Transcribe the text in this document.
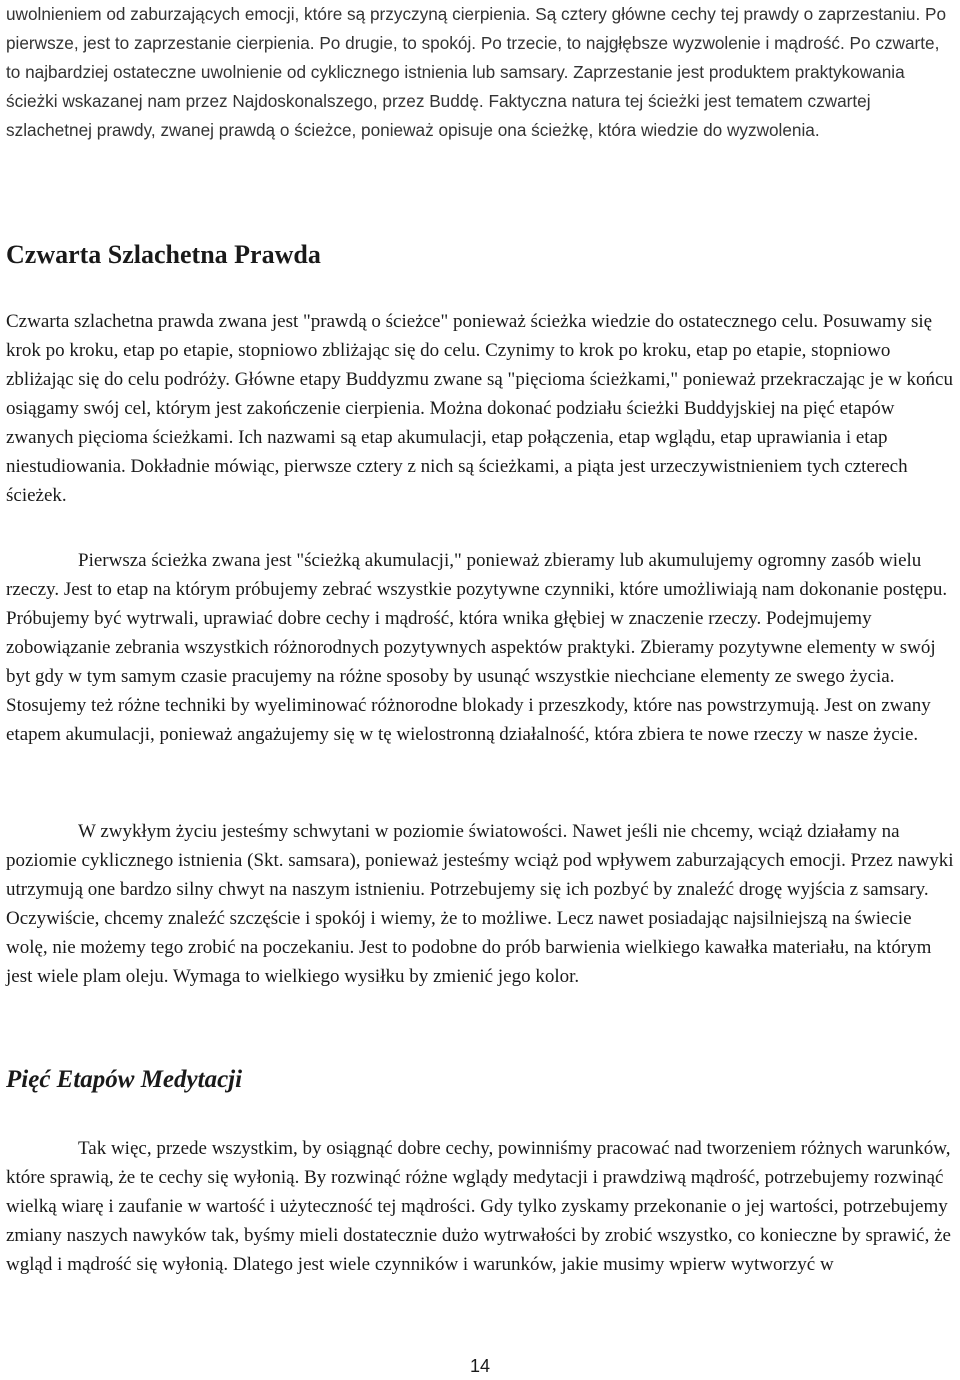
uwolnieniem od zaburzających emocji, które są przyczyną cierpienia. Są cztery główne cechy tej prawdy o zaprzestaniu. Po pierwsze, jest to zaprzestanie cierpienia. Po drugie, to spokój. Po trzecie, to najgłębsze wyzwolenie i mądrość. Po czwarte, to najbardziej ostateczne uwolnienie od cyklicznego istnienia lub samsary. Zaprzestanie jest produktem praktykowania ścieżki wskazanej nam przez Najdoskonalszego, przez Buddę. Faktyczna natura tej ścieżki jest tematem czwartej szlachetnej prawdy, zwanej prawdą o ścieżce, ponieważ opisuje ona ścieżkę, która wiedzie do wyzwolenia.

Czwarta Szlachetna Prawda

Czwarta szlachetna prawda zwana jest "prawdą o ścieżce" ponieważ ścieżka wiedzie do ostatecznego celu. Posuwamy się krok po kroku, etap po etapie, stopniowo zbliżając się do celu. Czynimy to krok po kroku, etap po etapie, stopniowo zbliżając się do celu podróży. Główne etapy Buddyzmu zwane są "pięcioma ścieżkami," ponieważ przekraczając je w końcu osiągamy swój cel, którym jest zakończenie cierpienia. Można dokonać podziału ścieżki Buddyjskiej na pięć etapów zwanych pięcioma ścieżkami. Ich nazwami są etap akumulacji, etap połączenia, etap wglądu, etap uprawiania i etap niestudiowania. Dokładnie mówiąc, pierwsze cztery z nich są ścieżkami, a piąta jest urzeczywistnieniem tych czterech ścieżek.

Pierwsza ścieżka zwana jest "ścieżką akumulacji," ponieważ zbieramy lub akumulujemy ogromny zasób wielu rzeczy. Jest to etap na którym próbujemy zebrać wszystkie pozytywne czynniki, które umożliwiają nam dokonanie postępu. Próbujemy być wytrwali, uprawiać dobre cechy i mądrość, która wnika głębiej w znaczenie rzeczy. Podejmujemy zobowiązanie zebrania wszystkich różnorodnych pozytywnych aspektów praktyki. Zbieramy pozytywne elementy w swój byt gdy w tym samym czasie pracujemy na różne sposoby by usunąć wszystkie niechciane elementy ze swego życia. Stosujemy też różne techniki by wyeliminować różnorodne blokady i przeszkody, które nas powstrzymują. Jest on zwany etapem akumulacji, ponieważ angażujemy się w tę wielostronną działalność, która zbiera te nowe rzeczy w nasze życie.

W zwykłym życiu jesteśmy schwytani w poziomie światowości. Nawet jeśli nie chcemy, wciąż działamy na poziomie cyklicznego istnienia (Skt. samsara), ponieważ jesteśmy wciąż pod wpływem zaburzających emocji. Przez nawyki utrzymują one bardzo silny chwyt na naszym istnieniu. Potrzebujemy się ich pozbyć by znaleźć drogę wyjścia z samsary. Oczywiście, chcemy znaleźć szczęście i spokój i wiemy, że to możliwe. Lecz nawet posiadając najsilniejszą na świecie wolę, nie możemy tego zrobić na poczekaniu. Jest to podobne do prób barwienia wielkiego kawałka materiału, na którym jest wiele plam oleju. Wymaga to wielkiego wysiłku by zmienić jego kolor.

Pięć Etapów Medytacji

Tak więc, przede wszystkim, by osiągnąć dobre cechy, powinniśmy pracować nad tworzeniem różnych warunków, które sprawią, że te cechy się wyłonią. By rozwinąć różne wglądy medytacji i prawdziwą mądrość, potrzebujemy rozwinąć wielką wiarę i zaufanie w wartość i użyteczność tej mądrości. Gdy tylko zyskamy przekonanie o jej wartości, potrzebujemy zmiany naszych nawyków tak, byśmy mieli dostatecznie dużo wytrwałości by zrobić wszystko, co konieczne by sprawić, że wgląd i mądrość się wyłonią. Dlatego jest wiele czynników i warunków, jakie musimy wpierw wytworzyć w

14
